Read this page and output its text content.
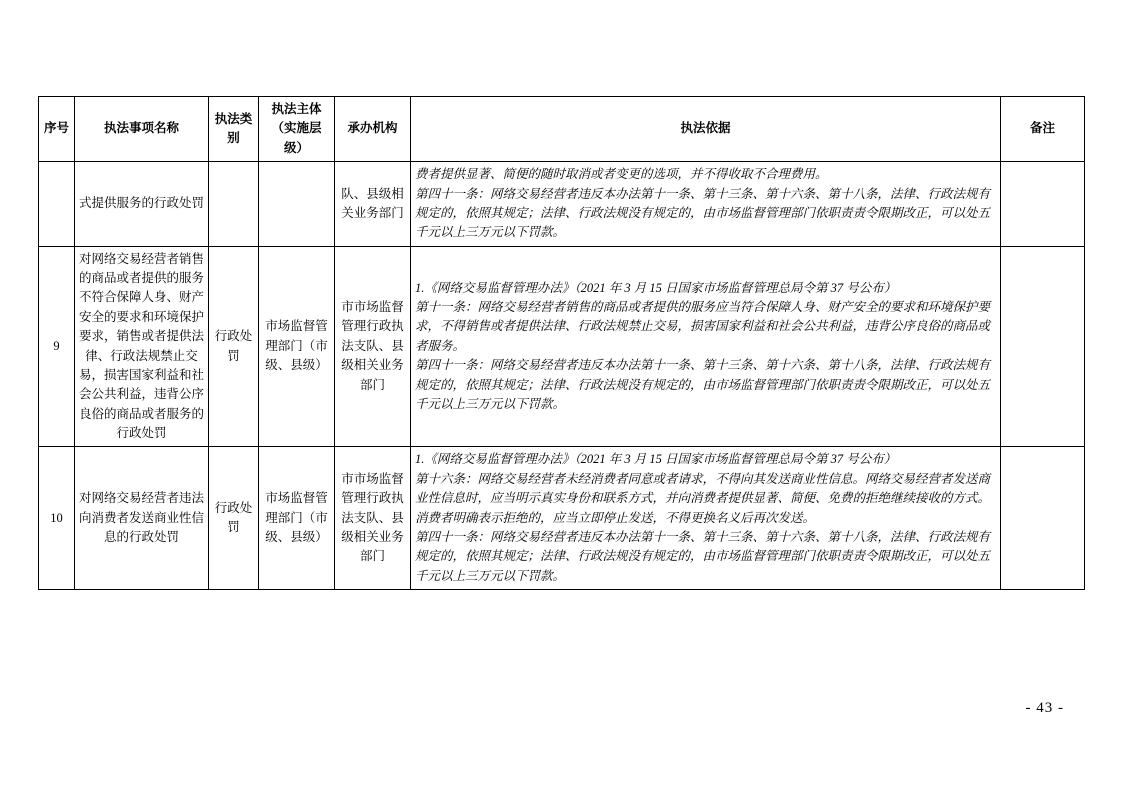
序号	执法事项名称	执法类别	执法主体（实施层级）	承办机构	执法依据	备注
	式提供服务的行政处罚			队、县级相关业务部门	费者提供显著、简便的随时取消或者变更的选项，并不得收取不合理费用。

第四十一条：网络交易经营者违反本办法第十一条、第十三条、第十六条、第十八条，法律、行政法规有规定的，依照其规定；法律、行政法规没有规定的，由市场监督管理部门依职责责令限期改正，可以处五千元以上三万元以下罚款。	

9	对网络交易经营者销售的商品或者提供的服务不符合保障人身、财产安全的要求和环境保护要求，销售或者提供法律、行政法规禁止交易，损害国家利益和社会公共利益，违背公序良俗的商品或者服务的行政处罚	行政处罚	市场监督管理部门（市级、县级）	市市场监督管理行政执法支队、县级相关业务部门	1.《网络交易监督管理办法》（2021 年 3 月 15 日国家市场监督管理总局令第 37 号公布）

第十一条：网络交易经营者销售的商品或者提供的服务应当符合保障人身、财产安全的要求和环境保护要求，不得销售或者提供法律、行政法规禁止交易，损害国家利益和社会公共利益，违背公序良俗的商品或者服务。

第四十一条：网络交易经营者违反本办法第十一条、第十三条、第十六条、第十八条，法律、行政法规有规定的，依照其规定；法律、行政法规没有规定的，由市场监督管理部门依职责责令限期改正，可以处五千元以上三万元以下罚款。	

10	对网络交易经营者违法向消费者发送商业性信息的行政处罚	行政处罚	市场监督管理部门（市级、县级）	市市场监督管理行政执法支队、县级相关业务部门	1.《网络交易监督管理办法》（2021 年 3 月 15 日国家市场监督管理总局令第 37 号公布）

第十六条：网络交易经营者未经消费者同意或者请求，不得向其发送商业性信息。网络交易经营者发送商业性信息时，应当明示真实身份和联系方式，并向消费者提供显著、简便、免费的拒绝继续接收的方式。消费者明确表示拒绝的，应当立即停止发送，不得更换名义后再次发送。

第四十一条：网络交易经营者违反本办法第十一条、第十三条、第十六条、第十八条，法律、行政法规有规定的，依照其规定；法律、行政法规没有规定的，由市场监督管理部门依职责责令限期改正，可以处五千元以上三万元以下罚款。	

- 43 -
